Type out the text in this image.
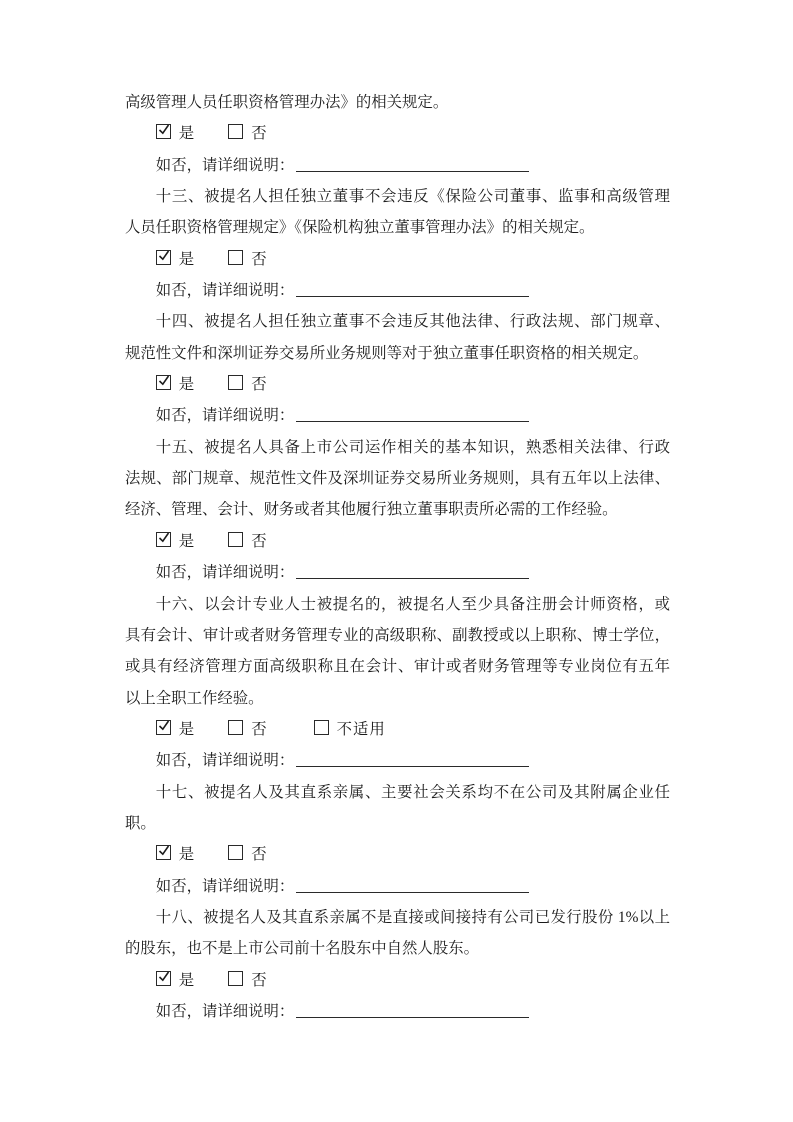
高级管理人员任职资格管理办法》的相关规定。
是	否
如否，请详细说明：
十三、被提名人担任独立董事不会违反《保险公司董事、监事和高级管理
人员任职资格管理规定》《保险机构独立董事管理办法》的相关规定。
是	否
如否，请详细说明：
十四、被提名人担任独立董事不会违反其他法律、行政法规、部门规章、
规范性文件和深圳证券交易所业务规则等对于独立董事任职资格的相关规定。
是	否
如否，请详细说明：
十五、被提名人具备上市公司运作相关的基本知识，熟悉相关法律、行政
法规、部门规章、规范性文件及深圳证券交易所业务规则，具有五年以上法律、
经济、管理、会计、财务或者其他履行独立董事职责所必需的工作经验。
是	否
如否，请详细说明：
十六、以会计专业人士被提名的，被提名人至少具备注册会计师资格，或
具有会计、审计或者财务管理专业的高级职称、副教授或以上职称、博士学位，
或具有经济管理方面高级职称且在会计、审计或者财务管理等专业岗位有五年
以上全职工作经验。
是	否	不适用
如否，请详细说明：
十七、被提名人及其直系亲属、主要社会关系均不在公司及其附属企业任
职。
是	否
如否，请详细说明：
十八、被提名人及其直系亲属不是直接或间接持有公司已发行股份 1%以上
的股东，也不是上市公司前十名股东中自然人股东。
是	否
如否，请详细说明：
